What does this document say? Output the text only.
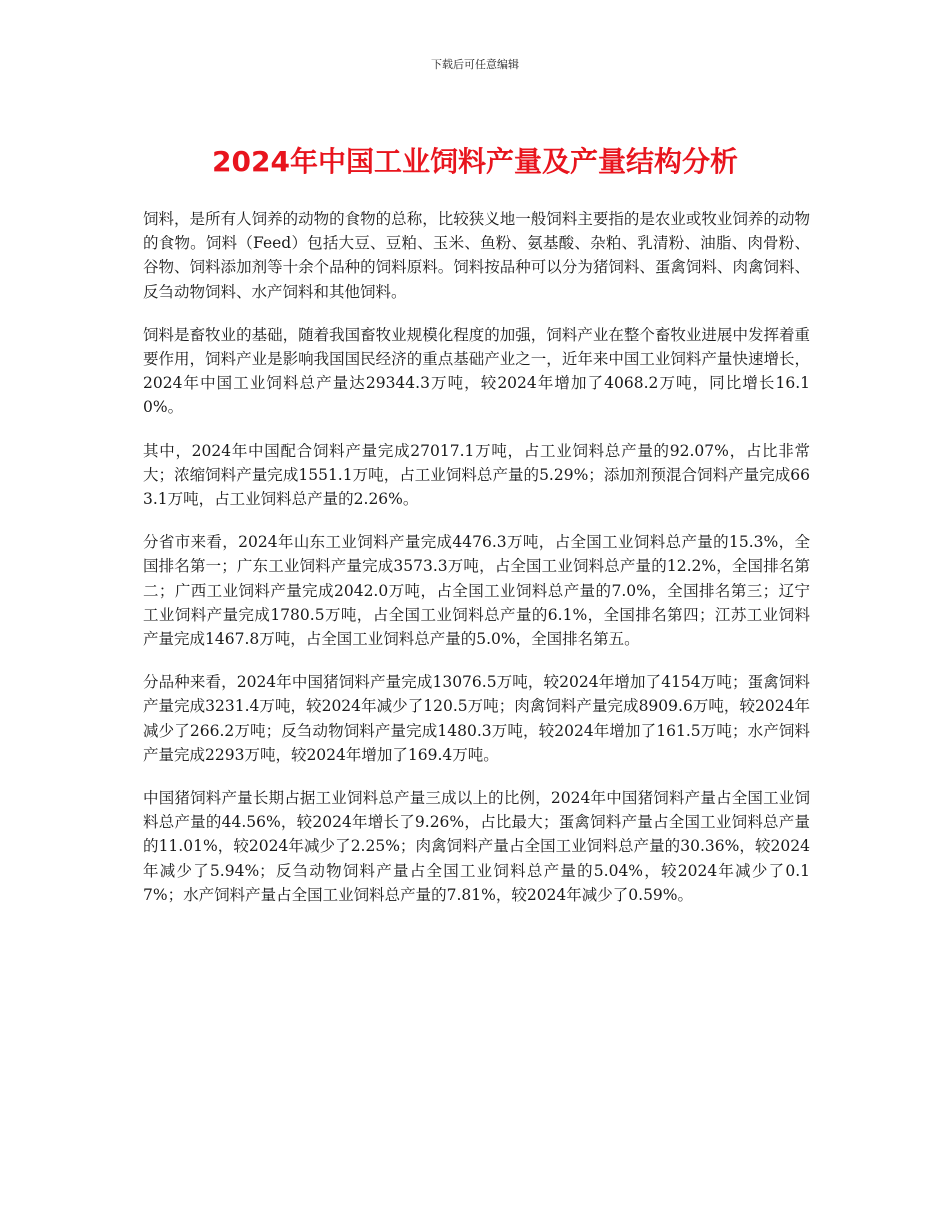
下载后可任意编辑
2024年中国工业饲料产量及产量结构分析

饲料，是所有人饲养的动物的食物的总称，比较狭义地一般饲料主要指的是农业或牧业饲养的动物的食物。饲料（Feed）包括大豆、豆粕、玉米、鱼粉、氨基酸、杂粕、乳清粉、油脂、肉骨粉、谷物、饲料添加剂等十余个品种的饲料原料。饲料按品种可以分为猪饲料、蛋禽饲料、肉禽饲料、反刍动物饲料、水产饲料和其他饲料。

饲料是畜牧业的基础，随着我国畜牧业规模化程度的加强，饲料产业在整个畜牧业进展中发挥着重要作用，饲料产业是影响我国国民经济的重点基础产业之一，近年来中国工业饲料产量快速增长，2024年中国工业饲料总产量达29344.3万吨，较2024年增加了4068.2万吨，同比增长16.10%。

其中，2024年中国配合饲料产量完成27017.1万吨，占工业饲料总产量的92.07%，占比非常大；浓缩饲料产量完成1551.1万吨，占工业饲料总产量的5.29%；添加剂预混合饲料产量完成663.1万吨，占工业饲料总产量的2.26%。

分省市来看，2024年山东工业饲料产量完成4476.3万吨，占全国工业饲料总产量的15.3%，全国排名第一；广东工业饲料产量完成3573.3万吨，占全国工业饲料总产量的12.2%，全国排名第二；广西工业饲料产量完成2042.0万吨，占全国工业饲料总产量的7.0%，全国排名第三；辽宁工业饲料产量完成1780.5万吨，占全国工业饲料总产量的6.1%，全国排名第四；江苏工业饲料产量完成1467.8万吨，占全国工业饲料总产量的5.0%，全国排名第五。

分品种来看，2024年中国猪饲料产量完成13076.5万吨，较2024年增加了4154万吨；蛋禽饲料产量完成3231.4万吨，较2024年减少了120.5万吨；肉禽饲料产量完成8909.6万吨，较2024年减少了266.2万吨；反刍动物饲料产量完成1480.3万吨，较2024年增加了161.5万吨；水产饲料产量完成2293万吨，较2024年增加了169.4万吨。

中国猪饲料产量长期占据工业饲料总产量三成以上的比例，2024年中国猪饲料产量占全国工业饲料总产量的44.56%，较2024年增长了9.26%，占比最大；蛋禽饲料产量占全国工业饲料总产量的11.01%，较2024年减少了2.25%；肉禽饲料产量占全国工业饲料总产量的30.36%，较2024年减少了5.94%；反刍动物饲料产量占全国工业饲料总产量的5.04%，较2024年减少了0.17%；水产饲料产量占全国工业饲料总产量的7.81%，较2024年减少了0.59%。
